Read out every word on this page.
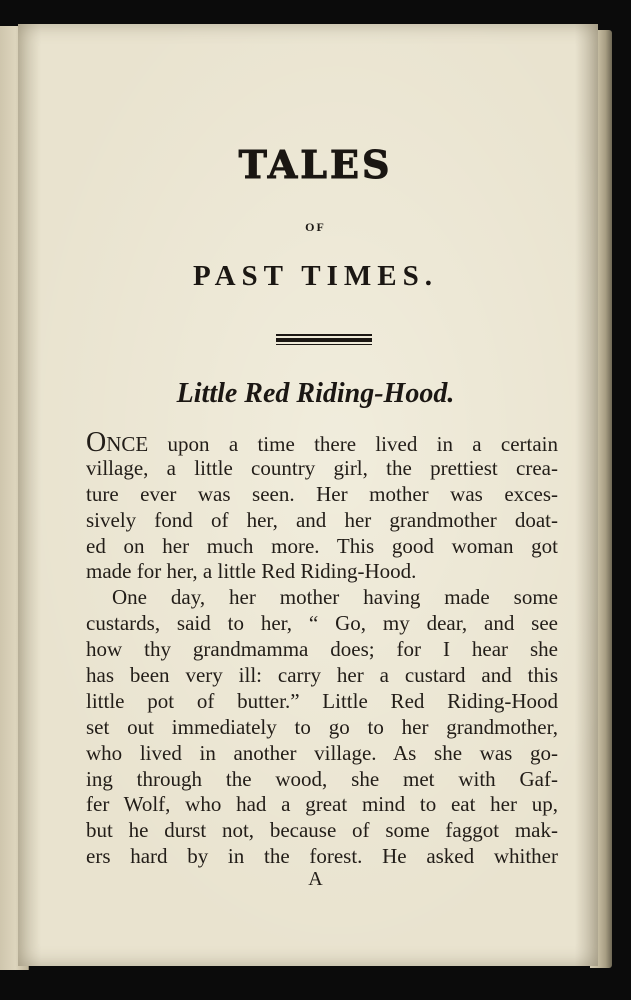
TALES
OF
PAST TIMES.
Little Red Riding-Hood.
ONCE upon a time there lived in a certain
village, a little country girl, the prettiest crea-
ture ever was seen. Her mother was exces-
sively fond of her, and her grandmother doat-
ed on her much more. This good woman got
made for her, a little Red Riding-Hood.
One day, her mother having made some
custards, said to her, “ Go, my dear, and see
how thy grandmamma does; for I hear she
has been very ill: carry her a custard and this
little pot of butter.” Little Red Riding-Hood
set out immediately to go to her grandmother,
who lived in another village. As she was go-
ing through the wood, she met with Gaf-
fer Wolf, who had a great mind to eat her up,
but he durst not, because of some faggot mak-
ers hard by in the forest. He asked whither
A
